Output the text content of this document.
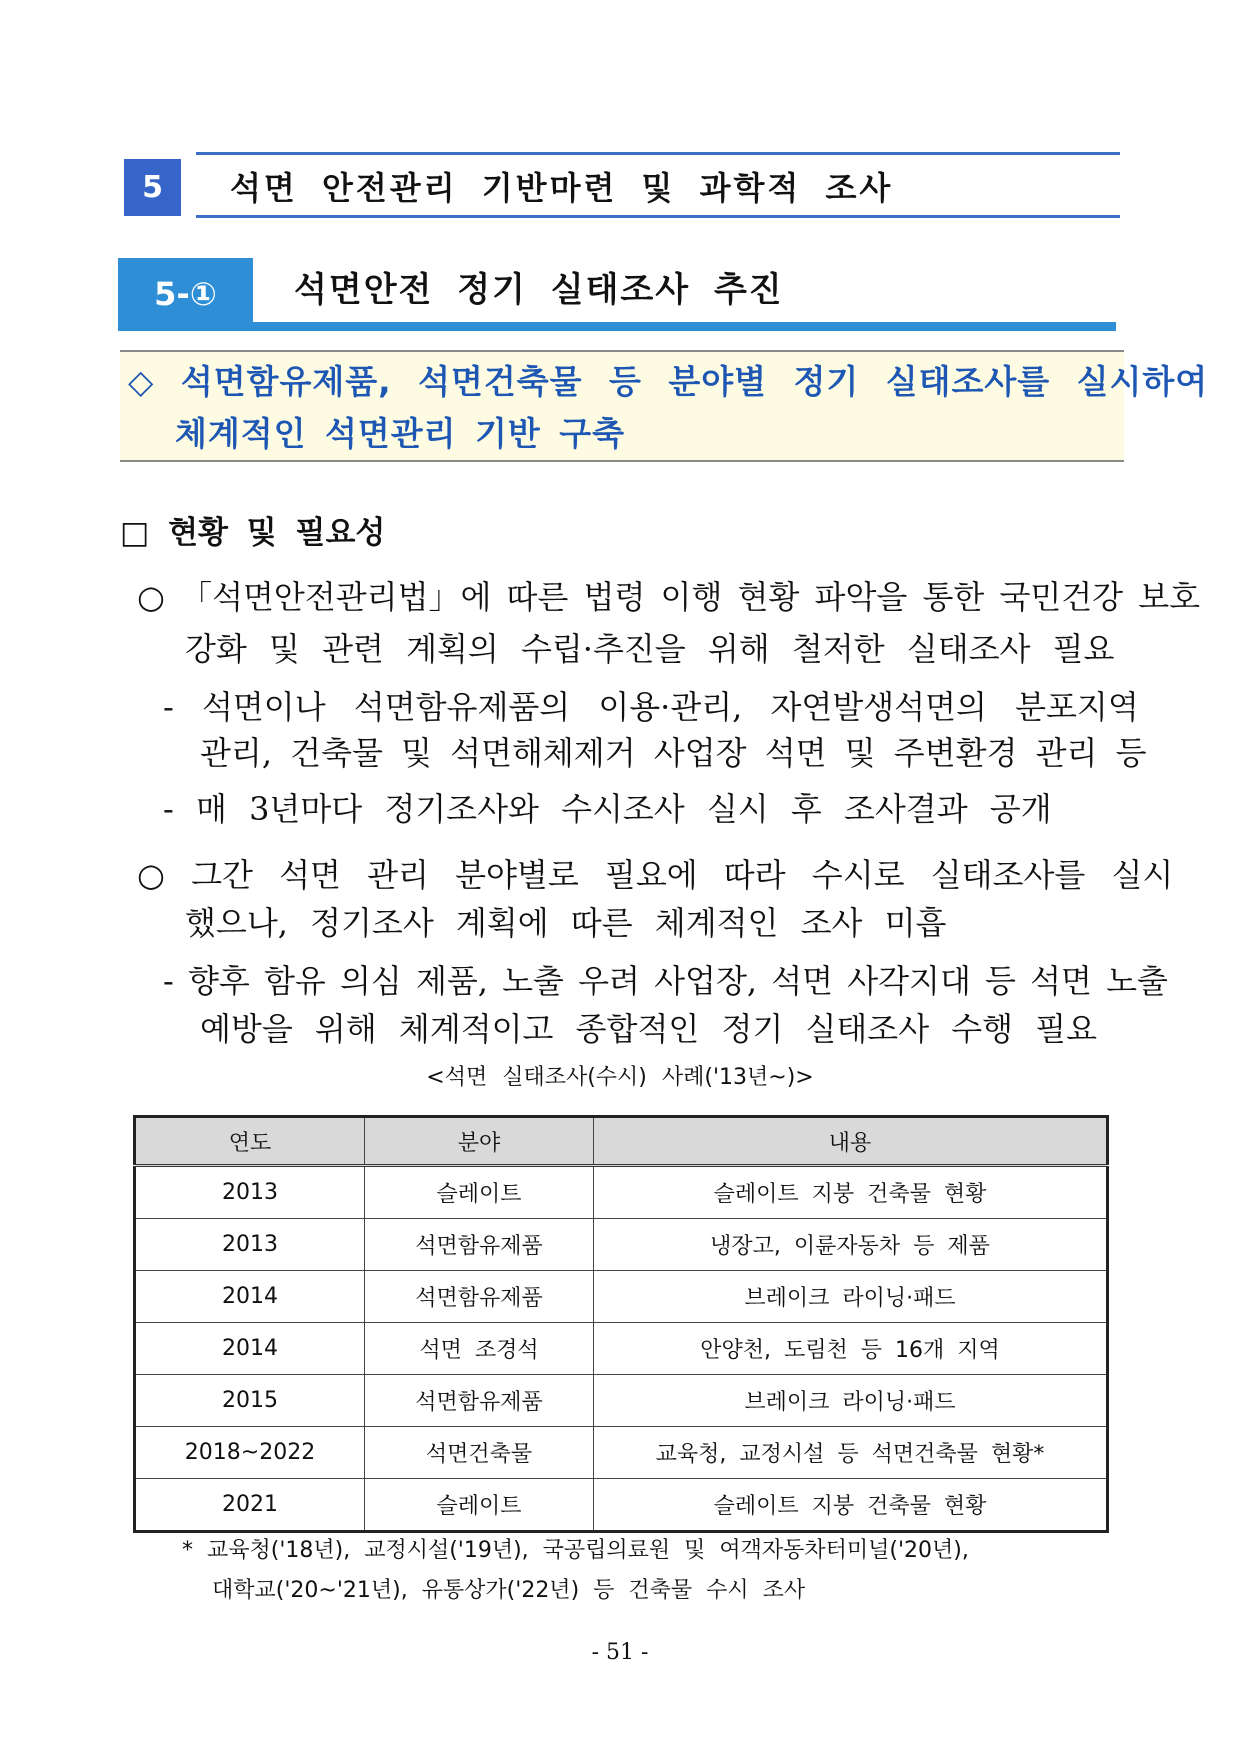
5	석면 안전관리 기반마련 및 과학적 조사
5-①	석면안전 정기 실태조사 추진
◇ 석면함유제품, 석면건축물 등 분야별 정기 실태조사를 실시하여
체계적인 석면관리 기반 구축
□ 현황 및 필요성
○ 「석면안전관리법」에 따른 법령 이행 현황 파악을 통한 국민건강 보호
강화 및 관련 계획의 수립·추진을 위해 철저한 실태조사 필요
- 석면이나 석면함유제품의 이용·관리, 자연발생석면의 분포지역
관리, 건축물 및 석면해체제거 사업장 석면 및 주변환경 관리 등
- 매 3년마다 정기조사와 수시조사 실시 후 조사결과 공개
○ 그간 석면 관리 분야별로 필요에 따라 수시로 실태조사를 실시
했으나, 정기조사 계획에 따른 체계적인 조사 미흡
- 향후 함유 의심 제품, 노출 우려 사업장, 석면 사각지대 등 석면 노출
예방을 위해 체계적이고 종합적인 정기 실태조사 수행 필요
<석면 실태조사(수시) 사례('13년~)>
연도	분야	내용
2013	슬레이트	슬레이트 지붕 건축물 현황
2013	석면함유제품	냉장고, 이륜자동차 등 제품
2014	석면함유제품	브레이크 라이닝·패드
2014	석면 조경석	안양천, 도림천 등 16개 지역
2015	석면함유제품	브레이크 라이닝·패드
2018~2022	석면건축물	교육청, 교정시설 등 석면건축물 현황*
2021	슬레이트	슬레이트 지붕 건축물 현황
* 교육청('18년), 교정시설('19년), 국공립의료원 및 여객자동차터미널('20년),
대학교('20~'21년), 유통상가('22년) 등 건축물 수시 조사
- 51 -
